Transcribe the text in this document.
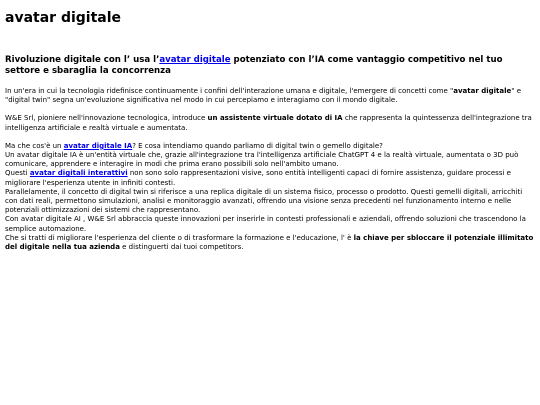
avatar digitale
Rivoluzione digitale con l’ usa l’avatar digitale potenziato con l’IA come vantaggio competitivo nel tuo settore e sbaraglia la concorrenza

In un'era in cui la tecnologia ridefinisce continuamente i confini dell'interazione umana e digitale, l'emergere di concetti come "avatar digitale" e "digital twin" segna un'evoluzione significativa nel modo in cui percepiamo e interagiamo con il mondo digitale.

W&E Srl, pioniere nell'innovazione tecnologica, introduce un assistente virtuale dotato di IA che rappresenta la quintessenza dell'integrazione tra intelligenza artificiale e realtà virtuale e aumentata.

Ma che cos'è un avatar digitale IA? E cosa intendiamo quando parliamo di digital twin o gemello digitale?
Un avatar digitale IA è un'entità virtuale che, grazie all'integrazione tra l'intelligenza artificiale ChatGPT 4 e la realtà virtuale, aumentata o 3D può comunicare, apprendere e interagire in modi che prima erano possibili solo nell'ambito umano.
Questi avatar digitali interattivi non sono solo rappresentazioni visive, sono entità intelligenti capaci di fornire assistenza, guidare processi e migliorare l'esperienza utente in infiniti contesti.
Parallelamente, il concetto di digital twin si riferisce a una replica digitale di un sistema fisico, processo o prodotto. Questi gemelli digitali, arricchiti con dati reali, permettono simulazioni, analisi e monitoraggio avanzati, offrendo una visione senza precedenti nel funzionamento interno e nelle potenziali ottimizzazioni dei sistemi che rappresentano.
Con avatar digitale AI , W&E Srl abbraccia queste innovazioni per inserirle in contesti professionali e aziendali, offrendo soluzioni che trascendono la semplice automazione.
Che si tratti di migliorare l'esperienza del cliente o di trasformare la formazione e l'educazione, l' è la chiave per sbloccare il potenziale illimitato del digitale nella tua azienda e distinguerti dai tuoi competitors.
